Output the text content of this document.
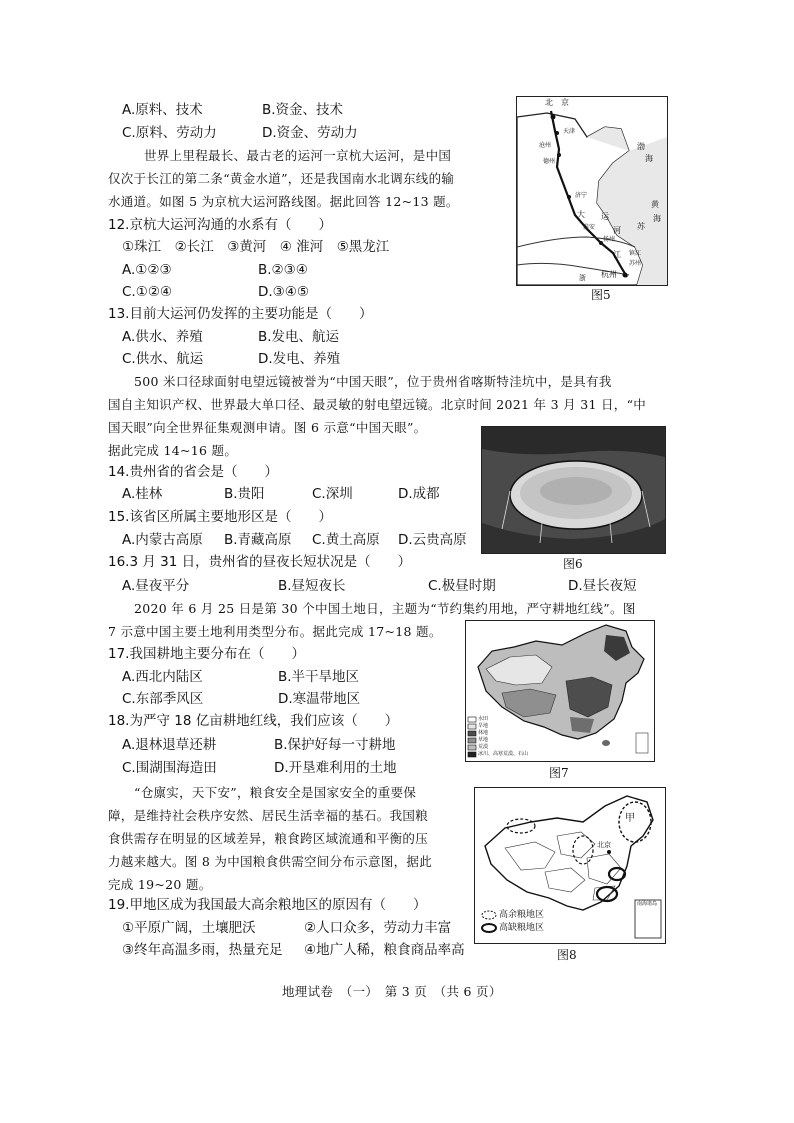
A.原料、技术	B.资金、技术
C.原料、劳动力	D.资金、劳动力
世界上里程最长、最古老的运河一京杭大运河，是中国
仅次于长江的第二条“黄金水道”，还是我国南水北调东线的输
水通道。如图 5 为京杭大运河路线图。据此回答 12~13 题。
12.京杭大运河沟通的水系有（　　）
①珠江　②长江　③黄河　④ 淮河　⑤黑龙江
A.①②③	B.②③④
C.①②④	D.③④⑤
13.目前大运河仍发挥的主要功能是（　　）
A.供水、养殖	B.发电、航运
C.供水、航运	D.发电、养殖
500 米口径球面射电望远镜被誉为“中国天眼”，位于贵州省喀斯特洼坑中，是具有我
国自主知识产权、世界最大单口径、最灵敏的射电望远镜。北京时间 2021 年 3 月 31 日，“中
国天眼”向全世界征集观测申请。图 6 示意“中国天眼”。
据此完成 14~16 题。
14.贵州省的省会是（　　）
A.桂林	B.贵阳	C.深圳	D.成都
15.该省区所属主要地形区是（　　）
A.内蒙古高原 B.青藏高原 C.黄土高原 D.云贵高原
16.3 月 31 日，贵州省的昼夜长短状况是（　　）
A.昼夜平分	B.昼短夜长	C.极昼时期	D.昼长夜短
2020 年 6 月 25 日是第 30 个中国土地日，主题为“节约集约用地，严守耕地红线”。图
7 示意中国主要土地利用类型分布。据此完成 17~18 题。
17.我国耕地主要分布在（　　）
A.西北内陆区	B.半干旱地区
C.东部季风区	D.寒温带地区
18.为严守 18 亿亩耕地红线，我们应该（　　）
A.退林退草还耕	B.保护好每一寸耕地
C.围湖围海造田	D.开垦难利用的土地
“仓廪实，天下安”，粮食安全是国家安全的重要保
障，是维持社会秩序安然、居民生活幸福的基石。我国粮
食供需存在明显的区域差异，粮食跨区域流通和平衡的压
力越来越大。图 8 为中国粮食供需空间分布示意图，据此
完成 19~20 题。
19.甲地区成为我国最大高余粮地区的原因有（　　）
①平原广阔，土壤肥沃	②人口众多，劳动力丰富
③终年高温多雨，热量充足 ④地广人稀，粮食商品率高
北　京
渤
海
黄
海
天津
沧州
德州
济宁
淮安
扬州
杭州
镇江
苏州
大 运
河
江
苏
浙
图5
图6
水田
旱地
林地
草地
荒漠
冰川、高寒荒漠、石山
图7
甲
北京
南海诸岛
高余粮地区
高缺粮地区
图8
地理试卷　（一）　第 3 页　（共 6 页）
